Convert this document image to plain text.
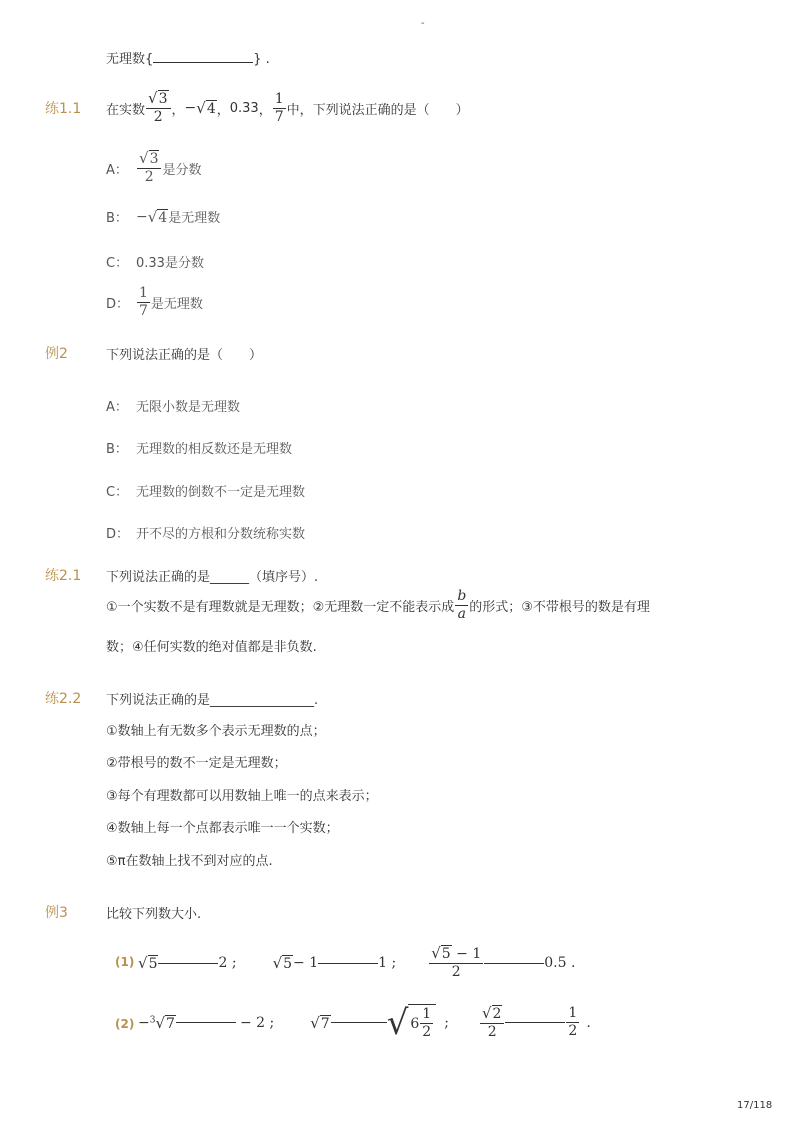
-
无理数{	} .
练1.1 在实数 $\frac{√3}{2}$ ， − √4 ， 0.33 ， $\frac{1}{7}$ 中，下列说法正确的是（　　）
A： $\frac{√3}{2}$ 是分数
B： − √4 是无理数
C： 0.33是分数
D： $\frac{1}{7}$ 是无理数
例2	下列说法正确的是（　　）
A： 无限小数是无理数
B： 无理数的相反数还是无理数
C： 无理数的倒数不一定是无理数
D： 开不尽的方根和分数统称实数
练2.1 下列说法正确的是______（填序号）.
①一个实数不是有理数就是无理数；②无理数一定不能表示成 $\frac{b}{a}$ 的形式；③不带根号的数是有理
数；④任何实数的绝对值都是非负数.
练2.2 下列说法正确的是________________.
①数轴上有无数多个表示无理数的点；
②带根号的数不一定是无理数；
③每个有理数都可以用数轴上唯一的点来表示；
④数轴上每一个点都表示唯一一个实数；
⑤π在数轴上找不到对应的点.
例3	比较下列数大小.
(1) √5	2 ; √5 − 1	1 ; $\frac{√5 - 1}{2}$	0.5 .
(2) − $^3$√7	− 2 ; √7 √ $6 \frac{1}{2}$ ; $\frac{√2}{2}$	$\frac{1}{2}$ .
17/118
